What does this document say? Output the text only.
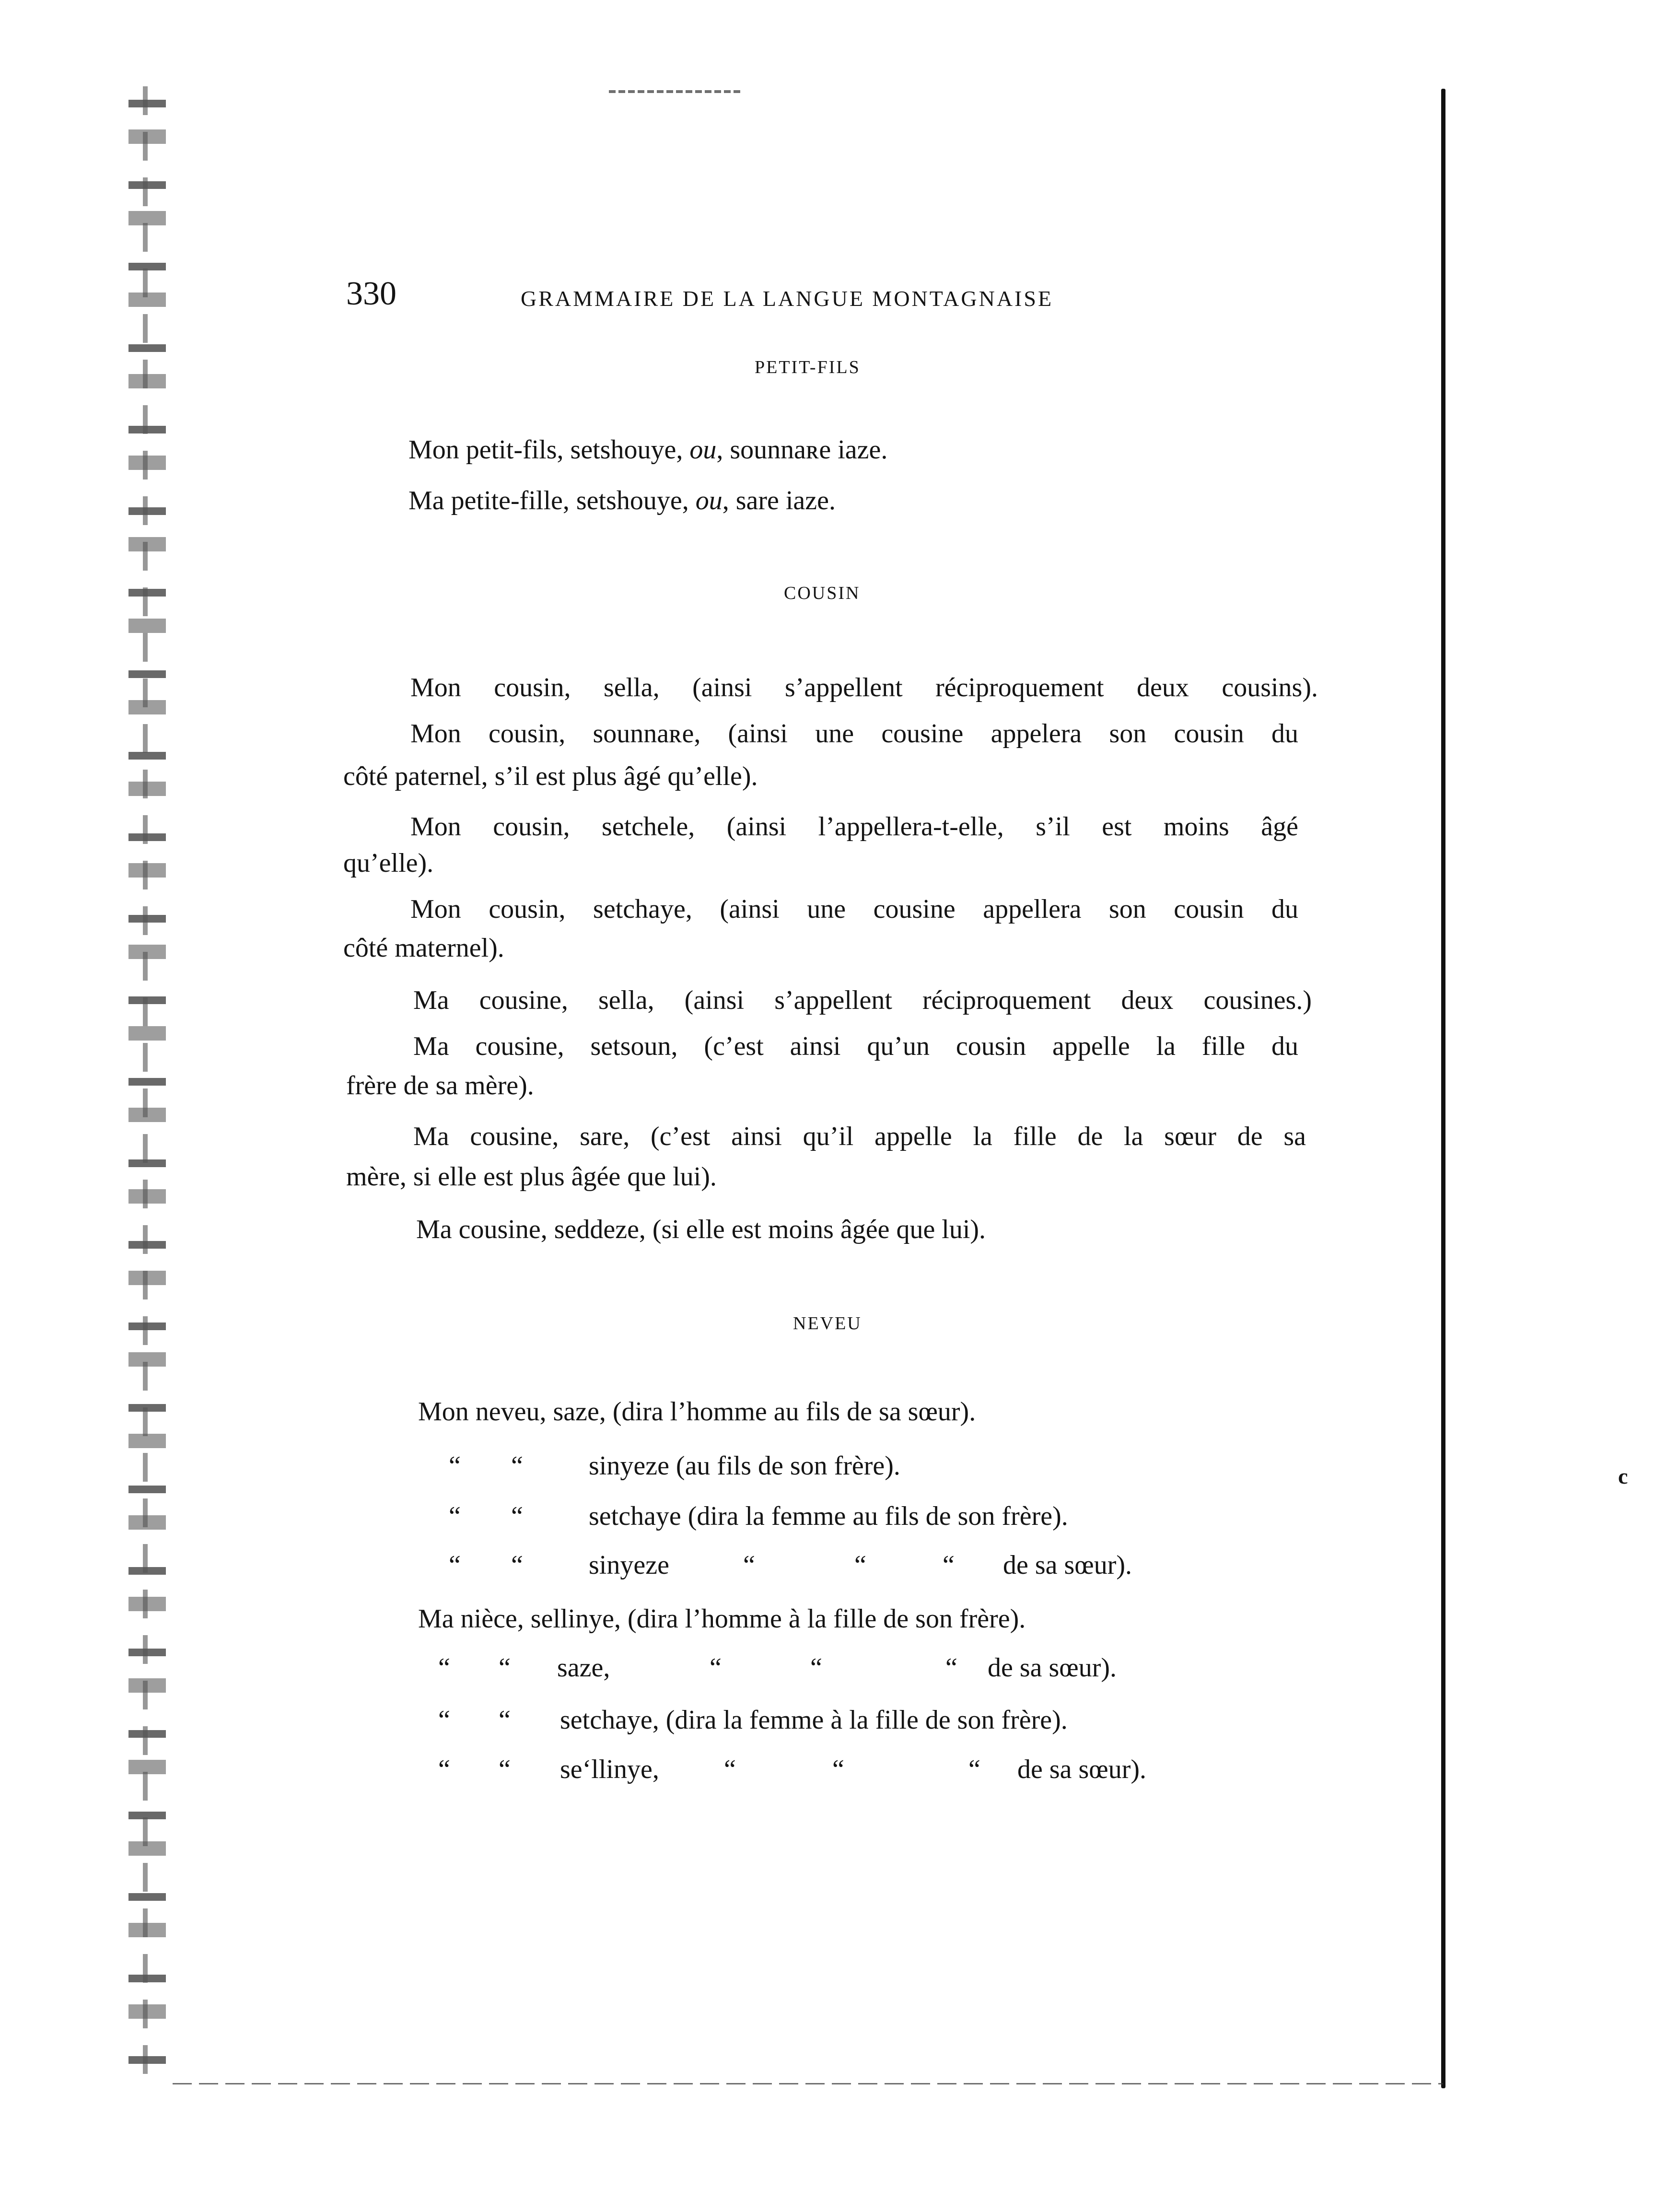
c
330	GRAMMAIRE DE LA LANGUE MONTAGNAISE
PETIT-FILS
Mon petit-fils, setshouye, ou, sounnaʀe iaze.
Ma petite-fille, setshouye, ou, sare iaze.
COUSIN
Mon cousin, sella, (ainsi s’appellent réciproquement deux cousins).
Mon cousin, sounnaʀe, (ainsi une cousine appelera son cousin du
côté paternel, s’il est plus âgé qu’elle).
Mon cousin, setchele, (ainsi l’appellera-t-elle, s’il est moins âgé
qu’elle).
Mon cousin, setchaye, (ainsi une cousine appellera son cousin du
côté maternel).
Ma cousine, sella, (ainsi s’appellent réciproquement deux cousines.)
Ma cousine, setsoun, (c’est ainsi qu’un cousin appelle la fille du
frère de sa mère).
Ma cousine, sare, (c’est ainsi qu’il appelle la fille de la sœur de sa
mère, si elle est plus âgée que lui).
Ma cousine, seddeze, (si elle est moins âgée que lui).
NEVEU
Mon neveu, saze, (dira l’homme au fils de sa sœur).
“ “ sinyeze (au fils de son frère).
“ “ setchaye (dira la femme au fils de son frère).
“ “ sinyeze	“	“	“ de sa sœur).
Ma nièce, sellinye, (dira l’homme à la fille de son frère).
“ “ saze,	“	“	“ de sa sœur).
“ “ setchaye, (dira la femme à la fille de son frère).
“ “ se‘llinye, “	“	“ de sa sœur).
